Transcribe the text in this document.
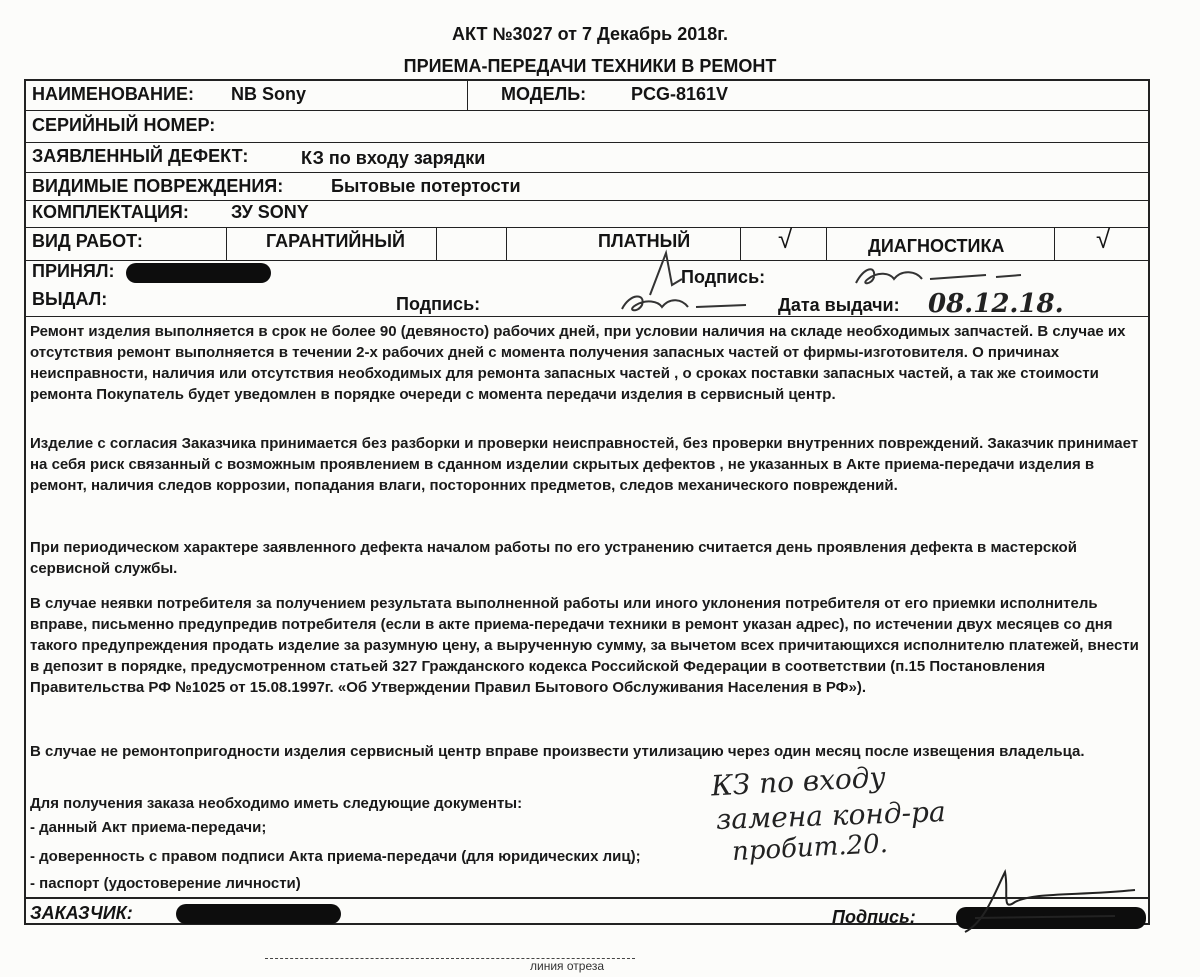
АКТ №3027 от 7 Декабрь 2018г.
ПРИЕМА-ПЕРЕДАЧИ ТЕХНИКИ В РЕМОНТ
НАИМЕНОВАНИЕ: NB Sony	МОДЕЛЬ: PCG-8161V
СЕРИЙНЫЙ НОМЕР:
ЗАЯВЛЕННЫЙ ДЕФЕКТ:	КЗ по входу зарядки
ВИДИМЫЕ ПОВРЕЖДЕНИЯ:	Бытовые потертости
КОМПЛЕКТАЦИЯ: ЗУ SONY
ВИД РАБОТ:	ГАРАНТИЙНЫЙ	ПЛАТНЫЙ	√	ДИАГНОСТИКА	√
ПРИНЯЛ:	Подпись:
ВЫДАЛ:	Подпись:	Дата выдачи: 08.12.18.

Ремонт изделия выполняется в срок не более 90 (девяносто) рабочих дней, при условии наличия на складе необходимых запчастей. В случае их отсутствия ремонт выполняется в течении 2-х рабочих дней с момента получения запасных частей от фирмы-изготовителя. О причинах неисправности, наличия или отсутствия необходимых для ремонта запасных частей , о сроках поставки запасных частей, а так же стоимости ремонта Покупатель будет уведомлен в порядке очереди с момента передачи изделия в сервисный центр.

Изделие с согласия Заказчика принимается без разборки и проверки неисправностей, без проверки внутренних повреждений. Заказчик принимает на себя риск связанный с возможным проявлением в сданном изделии скрытых дефектов , не указанных в Акте приема-передачи изделия в ремонт, наличия следов коррозии, попадания влаги, посторонних предметов, следов механического повреждений.

При периодическом характере заявленного дефекта началом работы по его устранению считается день проявления дефекта в мастерской сервисной службы.

В случае неявки потребителя за получением результата выполненной работы или иного уклонения потребителя от его приемки исполнитель вправе, письменно предупредив потребителя (если в акте приема-передачи техники в ремонт указан адрес), по истечении двух месяцев со дня такого предупреждения продать изделие за разумную цену, а вырученную сумму, за вычетом всех причитающихся исполнителю платежей, внести в депозит в порядке, предусмотренном статьей 327 Гражданского кодекса Российской Федерации в соответствии (п.15 Постановления Правительства РФ №1025 от 15.08.1997г. «Об Утверждении Правил Бытового Обслуживания Населения в РФ»).

В случае не ремонтопригодности изделия сервисный центр вправе произвести утилизацию через один месяц после извещения владельца.

Для получения заказа необходимо иметь следующие документы:
- данный Акт приема-передачи;
- доверенность с правом подписи Акта приема-передачи (для юридических лиц);
- паспорт (удостоверение личности)
КЗ по входу
замена конд-ра
пробит.20.
ЗАКАЗЧИК:	Подпись:
линия отреза
